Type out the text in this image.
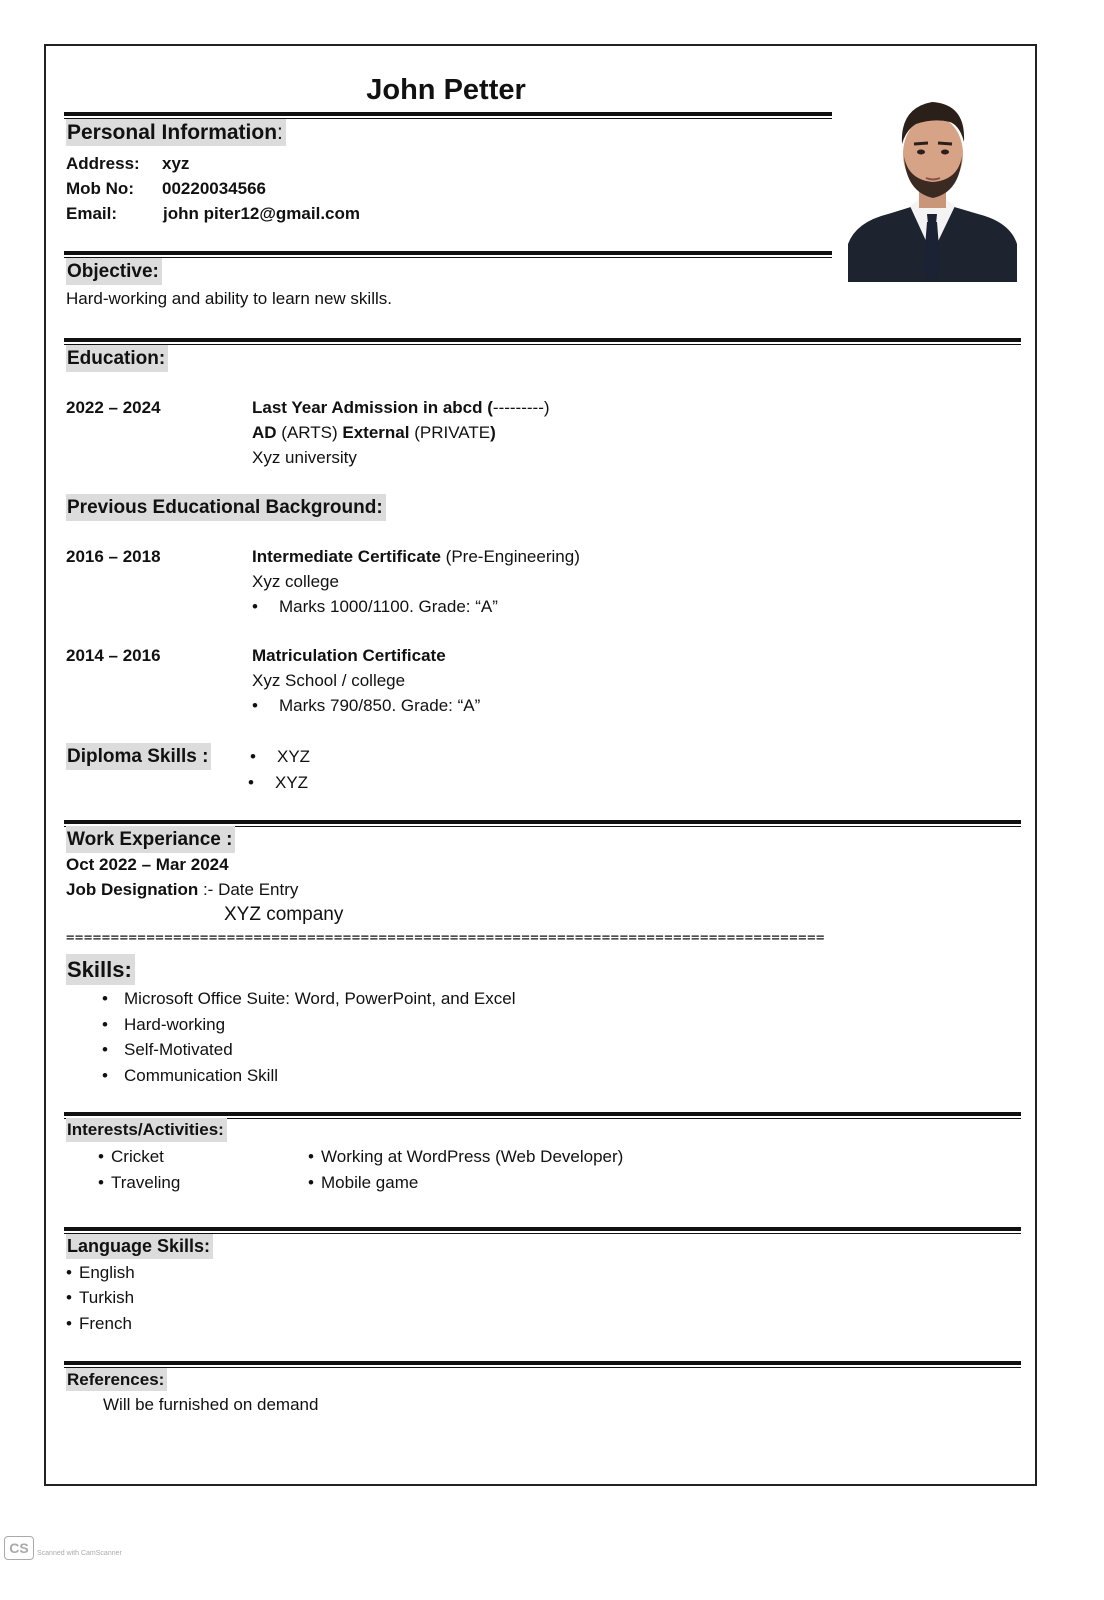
John Petter
Personal Information:
Address: xyz
Mob No: 00220034566
Email:	john piter12@gmail.com
Objective:
Hard-working and ability to learn new skills.
Education:
2022 – 2024	Last Year Admission in abcd (---------)
AD (ARTS) External (PRIVATE)
Xyz university
Previous Educational Background:
2016 – 2018	Intermediate Certificate (Pre-Engineering)
Xyz college
• Marks 1000/1100. Grade: “A”
2014 – 2016	Matriculation Certificate
Xyz School / college
• Marks 790/850. Grade: “A”
Diploma Skills : • XYZ
• XYZ
Work Experiance :
Oct 2022 – Mar 2024
Job Designation :- Date Entry
XYZ company
=====================================================================================
Skills:
• Microsoft Office Suite: Word, PowerPoint, and Excel
• Hard-working
• Self-Motivated
• Communication Skill
Interests/Activities:
• Cricket
• Traveling
• Working at WordPress (Web Developer)
• Mobile game
Language Skills:
• English
• Turkish
• French
References:
Will be furnished on demand
CS	Scanned with CamScanner
